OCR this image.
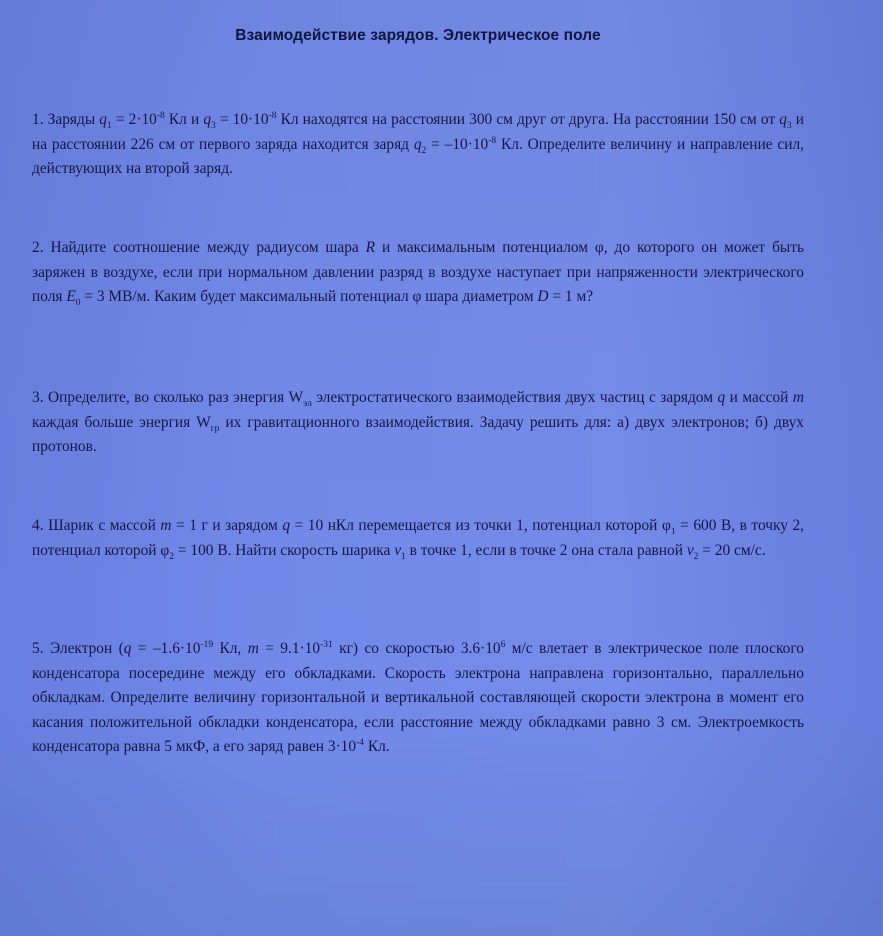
Взаимодействие зарядов. Электрическое поле
1. Заряды $q_1 = 2\cdot 10^{-8}$ Кл и $q_3 = 10\cdot 10^{-8}$ Кл находятся на расстоянии 300 см друг от друга. На расстоянии 150 см от $q_3$ и на расстоянии 226 см от первого заряда находится заряд $q_2 = -10\cdot 10^{-8}$ Кл. Определите величину и направление сил, действующих на второй заряд.
2. Найдите соотношение между радиусом шара R и максимальным потенциалом φ, до которого он может быть заряжен в воздухе, если при нормальном давлении разряд в воздухе наступает при напряженности электрического поля $E_0 = 3$ МВ/м. Каким будет максимальный потенциал φ шара диаметром D = 1 м?
3. Определите, во сколько раз энергия $W_{эл}$ электростатического взаимодействия двух частиц с зарядом q и массой m каждая больше энергия $W_{гр}$ их гравитационного взаимодействия. Задачу решить для: а) двух электронов; б) двух протонов.
4. Шарик с массой m = 1 г и зарядом q = 10 нКл перемещается из точки 1, потенциал которой $\varphi_1 = 600$ В, в точку 2, потенциал которой $\varphi_2 = 100$ В. Найти скорость шарика $v_1$ в точке 1, если в точке 2 она стала равной $v_2 = 20$ см/с.
5. Электрон ($q = -1.6\cdot 10^{-19}$ Кл, $m = 9.1\cdot 10^{-31}$ кг) со скоростью $3.6\cdot 10^6$ м/с влетает в электрическое поле плоского конденсатора посередине между его обкладками. Скорость электрона направлена горизонтально, параллельно обкладкам. Определите величину горизонтальной и вертикальной составляющей скорости электрона в момент его касания положительной обкладки конденсатора, если расстояние между обкладками равно 3 см. Электроемкость конденсатора равна 5 мкФ, а его заряд равен $3\cdot 10^{-4}$ Кл.
